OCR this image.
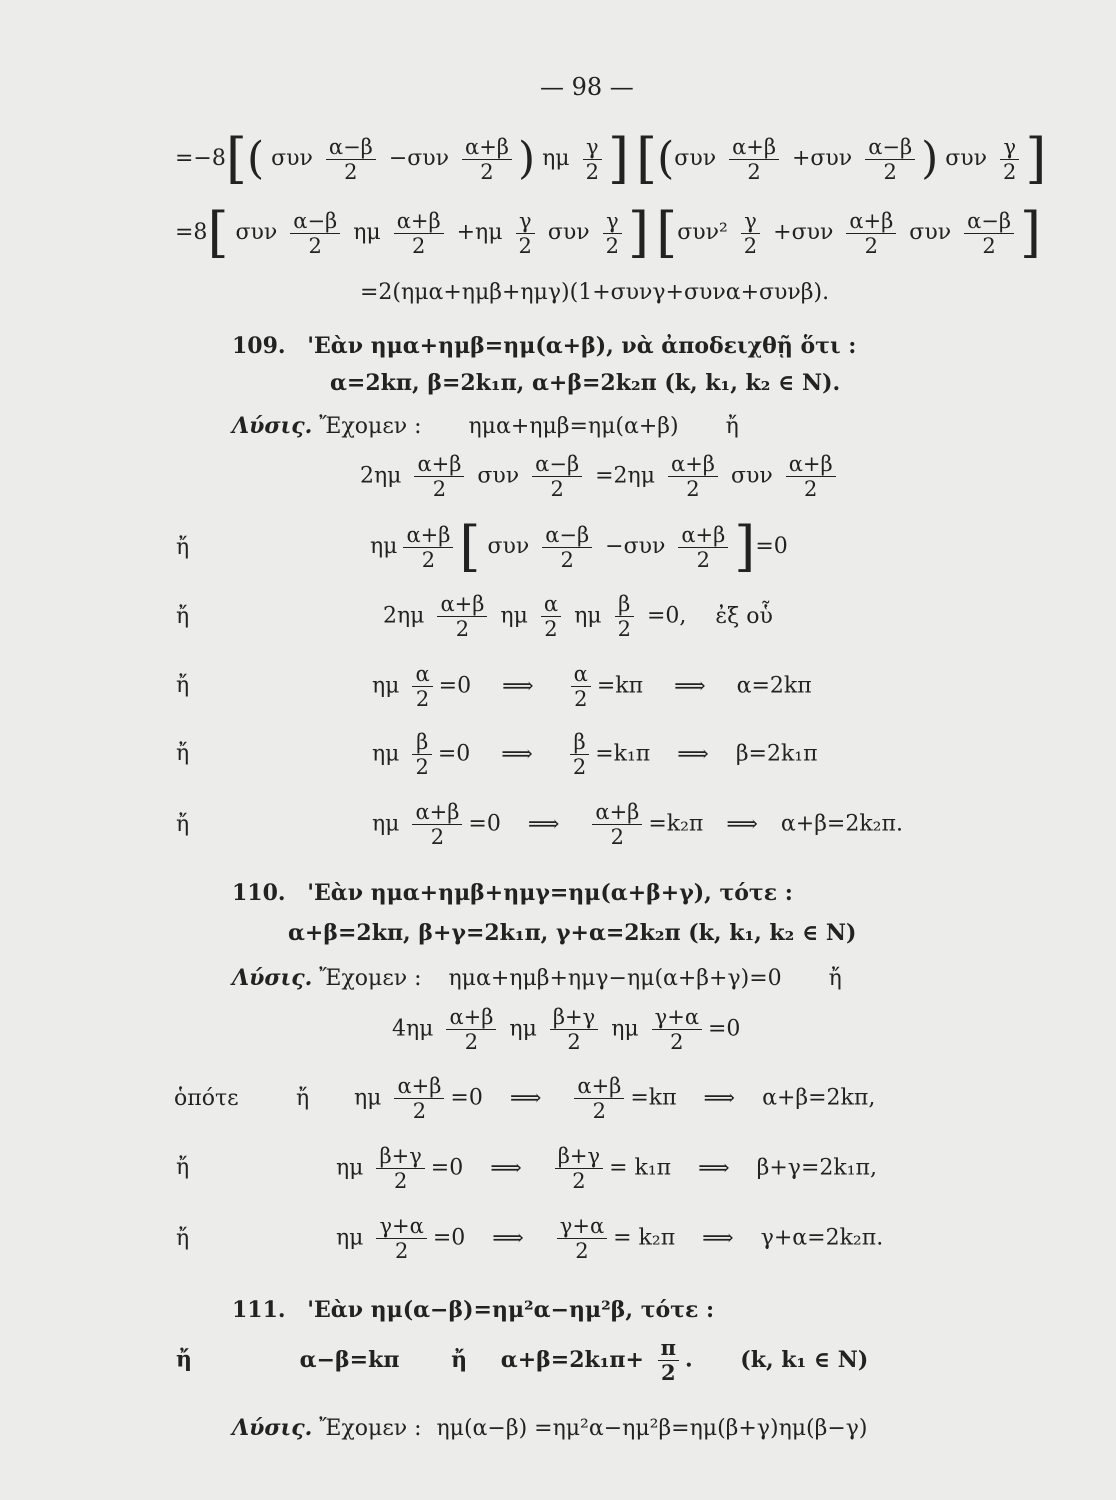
— 98 —
=−8[( συν $\frac{\alpha-\beta}{2} -\sigma\upsilon\nu \frac{\alpha+\beta}{2}$ ) ημ $\frac{\gamma}{2}$ ] [($\sigma\upsilon\nu \frac{\alpha+\beta}{2} +\sigma\upsilon\nu \frac{\alpha-\beta}{2}$ ) συν $\frac{\gamma}{2}$ ]
=8[ συν $\frac{\alpha-\beta}{2}$ ημ $\frac{\alpha+\beta}{2} +\eta\mu \frac{\gamma}{2}$ συν $\frac{\gamma}{2}$ ] [$\sigma\upsilon\nu^2 \frac{\gamma}{2} +\sigma\upsilon\nu \frac{\alpha+\beta}{2}$ συν $\frac{\alpha-\beta}{2}$ ]
=2(ημα+ημβ+ημγ)(1+συνγ+συνα+συνβ).
109. 'Εὰν ημα+ημβ=ημ(α+β), νὰ ἀποδειχθῇ ὅτι :
α=2kπ, β=2k₁π, α+β=2k₂π (k, k₁, k₂ ∈ N).
Λύσις. Ἔχομεν : ημα+ημβ=ημ(α+β) ἤ
$2\eta\mu \frac{\alpha+\beta}{2}$ συν $\frac{\alpha-\beta}{2} =2\eta\mu \frac{\alpha+\beta}{2}$ συν $\frac{\alpha+\beta}{2}$
ἤ	ημ $\frac{\alpha+\beta}{2}$ [ συν $\frac{\alpha-\beta}{2} -\sigma\upsilon\nu \frac{\alpha+\beta}{2} ]=0$
ἤ	$2\eta\mu \frac{\alpha+\beta}{2}$ ημ $\frac{\alpha}{2}$ ημ $\frac{\beta}{2} =0$, ἐξ οὗ
ἤ	ημ $\frac{\alpha}{2} =0$ ⟹ $\frac{\alpha}{2} =k\pi$ ⟹ α=2kπ
ἤ	ημ $\frac{\beta}{2} =0$ ⟹ $\frac{\beta}{2} =k_1\pi$ ⟹ β=2k₁π
ἤ	ημ $\frac{\alpha+\beta}{2} =0$ ⟹ $\frac{\alpha+\beta}{2} =k_2\pi$ ⟹ α+β=2k₂π.
110. 'Εὰν ημα+ημβ+ημγ=ημ(α+β+γ), τότε :
α+β=2kπ, β+γ=2k₁π, γ+α=2k₂π (k, k₁, k₂ ∈ N)
Λύσις. Ἔχομεν : ημα+ημβ+ημγ−ημ(α+β+γ)=0 ἤ
$4\eta\mu \frac{\alpha+\beta}{2}$ ημ $\frac{\beta+\gamma}{2}$ ημ $\frac{\gamma+\alpha}{2} =0$
ὁπότε	ἤ ημ $\frac{\alpha+\beta}{2} =0$ ⟹ $\frac{\alpha+\beta}{2} =k\pi$ ⟹ α+β=2kπ,
ἤ	ημ $\frac{\beta+\gamma}{2} =0$ ⟹ $\frac{\beta+\gamma}{2} = k_1\pi$ ⟹ β+γ=2k₁π,
ἤ	ημ $\frac{\gamma+\alpha}{2} =0$ ⟹ $\frac{\gamma+\alpha}{2} = k_2\pi$ ⟹ γ+α=2k₂π.
111. 'Εὰν ημ(α−β)=ημ²α−ημ²β, τότε :
ἤ	α−β=kπ ἤ $\alpha+\beta=2k_1\pi+ \frac{\pi}{2}$ . (k, k₁ ∈ N)
Λύσις. Ἔχομεν : ημ(α−β) =ημ²α−ημ²β=ημ(β+γ)ημ(β−γ)
